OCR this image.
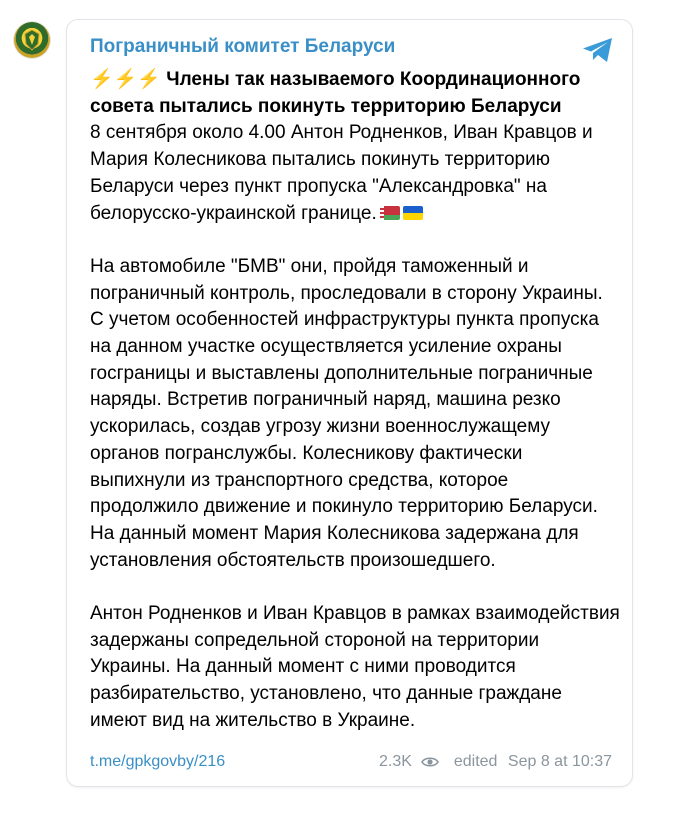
Пограничный комитет Беларуси

⚡⚡⚡ Члены так называемого Координационного совета пытались покинуть территорию Беларуси

8 сентября около 4.00 Антон Родненков, Иван Кравцов и Мария Колесникова пытались покинуть территорию Беларуси через пункт пропуска "Александровка" на белорусско-украинской границе.

На автомобиле "БМВ" они, пройдя таможенный и пограничный контроль, проследовали в сторону Украины. С учетом особенностей инфраструктуры пункта пропуска на данном участке осуществляется усиление охраны госграницы и выставлены дополнительные пограничные наряды. Встретив пограничный наряд, машина резко ускорилась, создав угрозу жизни военнослужащему органов погранслужбы. Колесникову фактически выпихнули из транспортного средства, которое продолжило движение и покинуло территорию Беларуси. На данный момент Мария Колесникова задержана для установления обстоятельств произошедшего.

Антон Родненков и Иван Кравцов в рамках взаимодействия задержаны сопредельной стороной на территории Украины. На данный момент с ними проводится разбирательство, установлено, что данные граждане имеют вид на жительство в Украине.

t.me/gpkgovby/216	2.3K	edited Sep 8 at 10:37
